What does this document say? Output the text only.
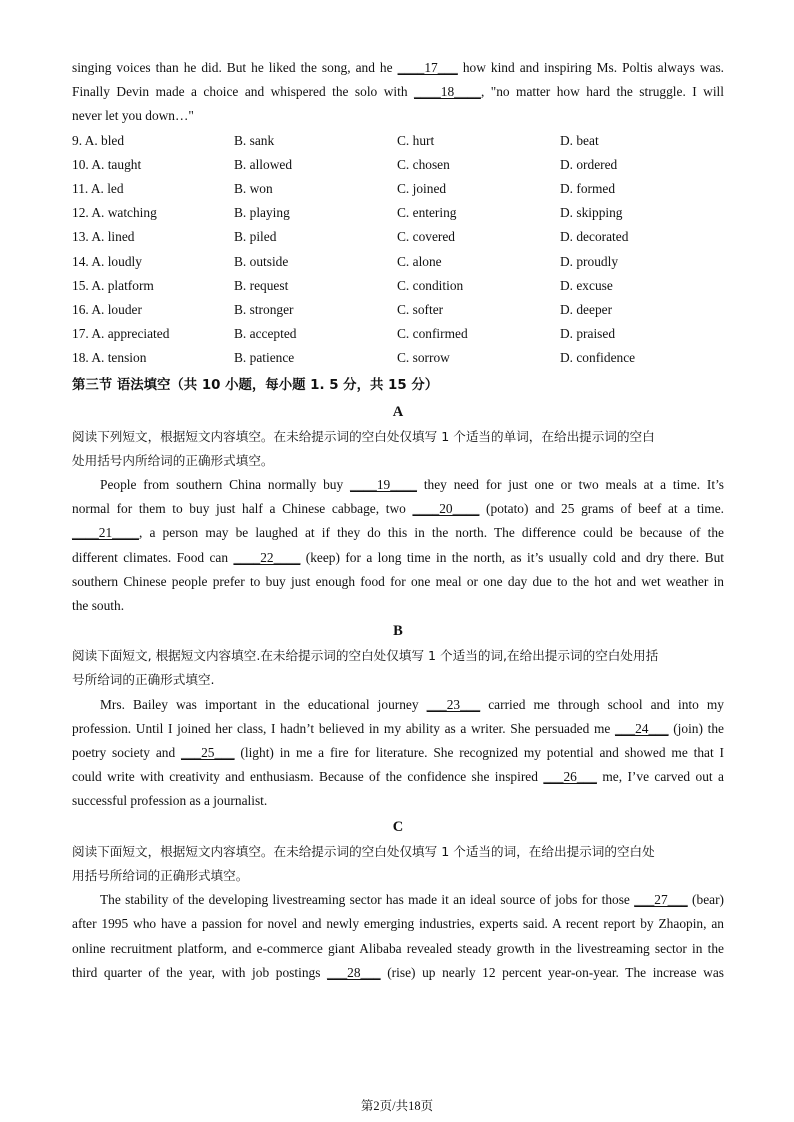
singing voices than he did. But he liked the song, and he ____17___ how kind and inspiring Ms. Poltis always was.

Finally Devin made a choice and whispered the solo with ____18____, "no matter how hard the struggle. I will

never let you down…"

9. A. bled	B. sank	C. hurt	D. beat
10. A. taught	B. allowed	C. chosen	D. ordered
11. A. led	B. won	C. joined	D. formed
12. A. watching	B. playing	C. entering	D. skipping
13. A. lined	B. piled	C. covered	D. decorated
14. A. loudly	B. outside	C. alone	D. proudly
15. A. platform	B. request	C. condition	D. excuse
16. A. louder	B. stronger	C. softer	D. deeper
17. A. appreciated	B. accepted	C. confirmed	D. praised
18. A. tension	B. patience	C. sorrow	D. confidence

第三节 语法填空（共 10 小题，每小题 1. 5 分，共 15 分）

A

阅读下列短文，根据短文内容填空。在未给提示词的空白处仅填写 1 个适当的单词，在给出提示词的空白

处用括号内所给词的正确形式填空。

People from southern China normally buy ____19____ they need for just one or two meals at a time. It’s

normal for them to buy just half a Chinese cabbage, two ____20____ (potato) and 25 grams of beef at a time.

____21____, a person may be laughed at if they do this in the north. The difference could be because of the

different climates. Food can ____22____ (keep) for a long time in the north, as it’s usually cold and dry there. But

southern Chinese people prefer to buy just enough food for one meal or one day due to the hot and wet weather in

the south.

B

阅读下面短文, 根据短文内容填空.在未给提示词的空白处仅填写 1 个适当的词,在给出提示词的空白处用括

号所给词的正确形式填空.

Mrs. Bailey was important in the educational journey ___23___ carried me through school and into my

profession. Until I joined her class, I hadn’t believed in my ability as a writer. She persuaded me ___24___ (join) the

poetry society and ___25___ (light) in me a fire for literature. She recognized my potential and showed me that I

could write with creativity and enthusiasm. Because of the confidence she inspired ___26___ me, I’ve carved out a

successful profession as a journalist.

C

阅读下面短文，根据短文内容填空。在未给提示词的空白处仅填写 1 个适当的词，在给出提示词的空白处

用括号所给词的正确形式填空。

The stability of the developing livestreaming sector has made it an ideal source of jobs for those ___27___ (bear)

after 1995 who have a passion for novel and newly emerging industries, experts said. A recent report by Zhaopin, an

online recruitment platform, and e-commerce giant Alibaba revealed steady growth in the livestreaming sector in the

third quarter of the year, with job postings ___28___ (rise) up nearly 12 percent year-on-year. The increase was

第2页/共18页
